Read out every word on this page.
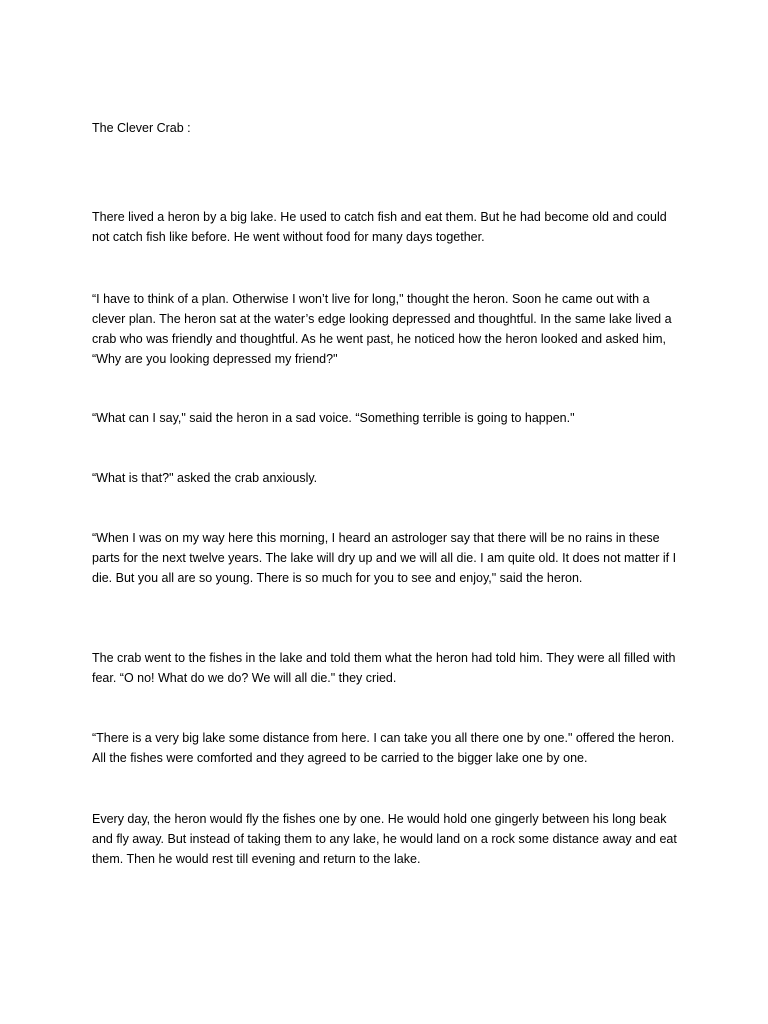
The Clever Crab :

There lived a heron by a big lake. He used to catch fish and eat them. But he had become old and could not catch fish like before. He went without food for many days together.

“I have to think of a plan. Otherwise I won’t live for long," thought the heron. Soon he came out with a clever plan. The heron sat at the water’s edge looking depressed and thoughtful. In the same lake lived a crab who was friendly and thoughtful. As he went past, he noticed how the heron looked and asked him, “Why are you looking depressed my friend?"

“What can I say," said the heron in a sad voice. “Something terrible is going to happen."

“What is that?" asked the crab anxiously.

“When I was on my way here this morning, I heard an astrologer say that there will be no rains in these parts for the next twelve years. The lake will dry up and we will all die. I am quite old. It does not matter if I die. But you all are so young. There is so much for you to see and enjoy," said the heron.

The crab went to the fishes in the lake and told them what the heron had told him. They were all filled with fear. “O no! What do we do? We will all die." they cried.

“There is a very big lake some distance from here. I can take you all there one by one." offered the heron. All the fishes were comforted and they agreed to be carried to the bigger lake one by one.

Every day, the heron would fly the fishes one by one. He would hold one gingerly between his long beak and fly away. But instead of taking them to any lake, he would land on a rock some distance away and eat them. Then he would rest till evening and return to the lake.
